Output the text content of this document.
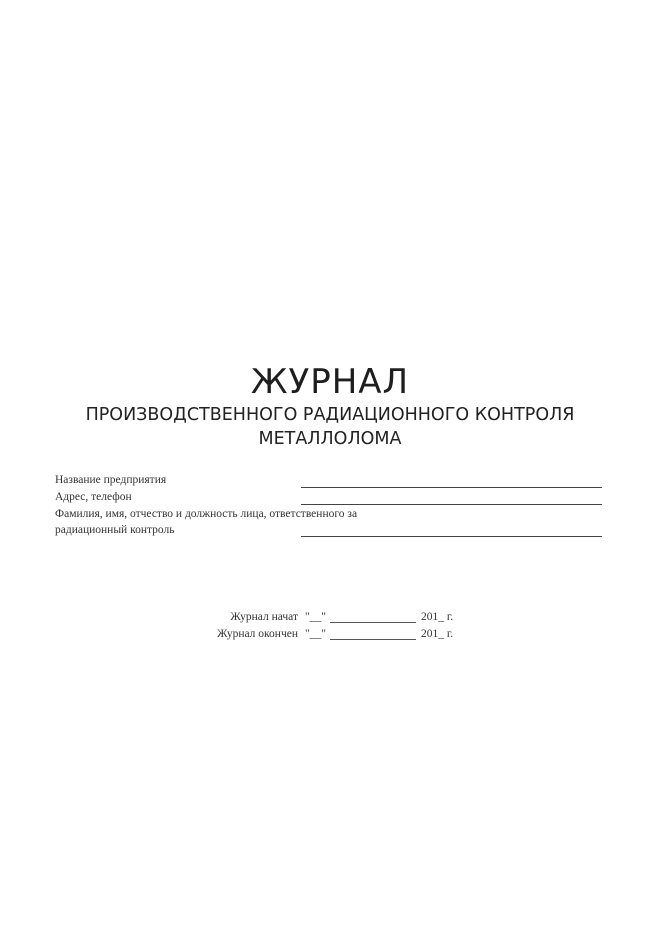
ЖУРНАЛ
ПРОИЗВОДСТВЕННОГО РАДИАЦИОННОГО КОНТРОЛЯ
МЕТАЛЛОЛОМА
Название предприятия
Адрес, телефон
Фамилия, имя, отчество и должность лица, ответственного за
радиационный контроль
Журнал начат "__"	201_ г.
Журнал окончен "__"	201_ г.
